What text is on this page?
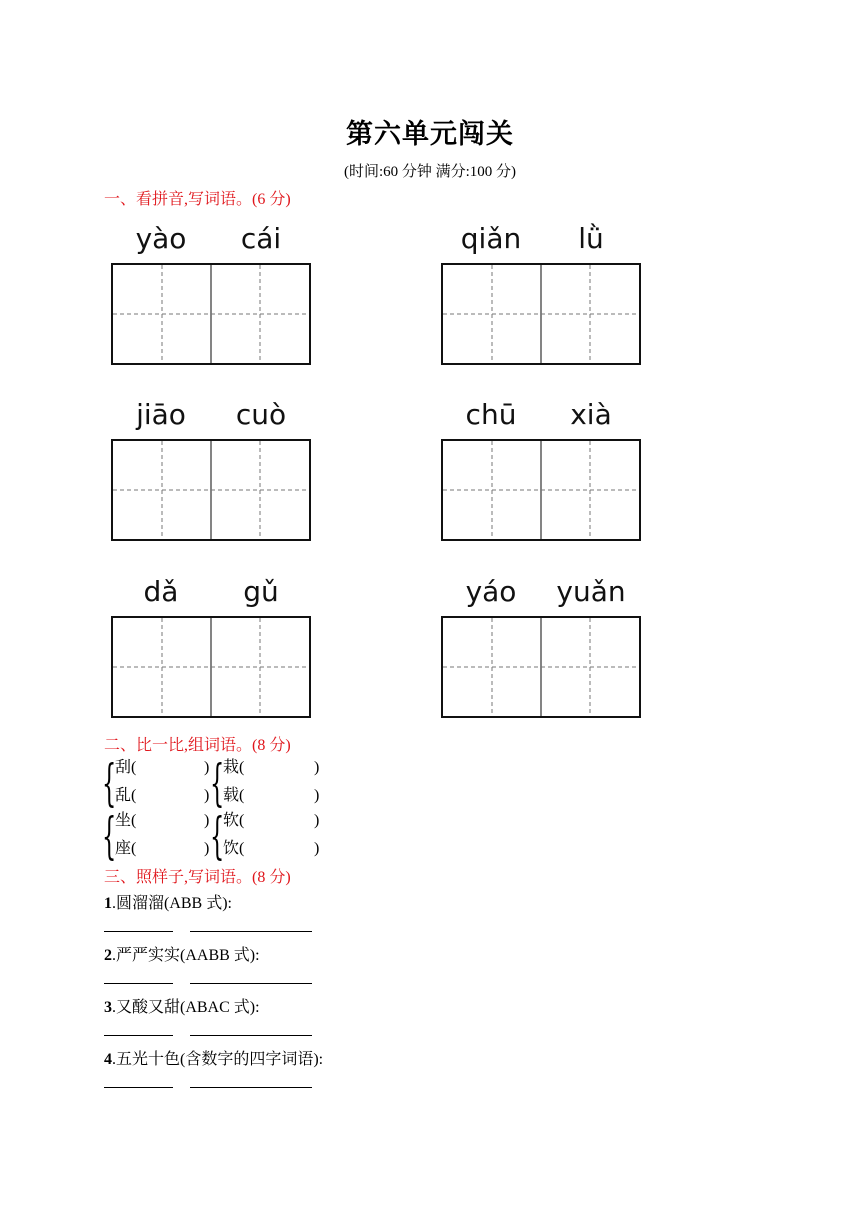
第六单元闯关
(时间:60 分钟 满分:100 分)
一、看拼音,写词语。(6 分)
yào	cái	qiǎn	lǜ
jiāo	cuò	chū	xià
dǎ	gǔ	yáo	yuǎn
二、比一比,组词语。(8 分)
{
刮(
乱(
)
) {
栽(
载(
)
)
{
坐(
座(
)
) {
软(
饮(
)
)
三、照样子,写词语。(8 分)
1.圆溜溜(ABB 式):
2.严严实实(AABB 式):
3.又酸又甜(ABAC 式):
4.五光十色(含数字的四字词语):
